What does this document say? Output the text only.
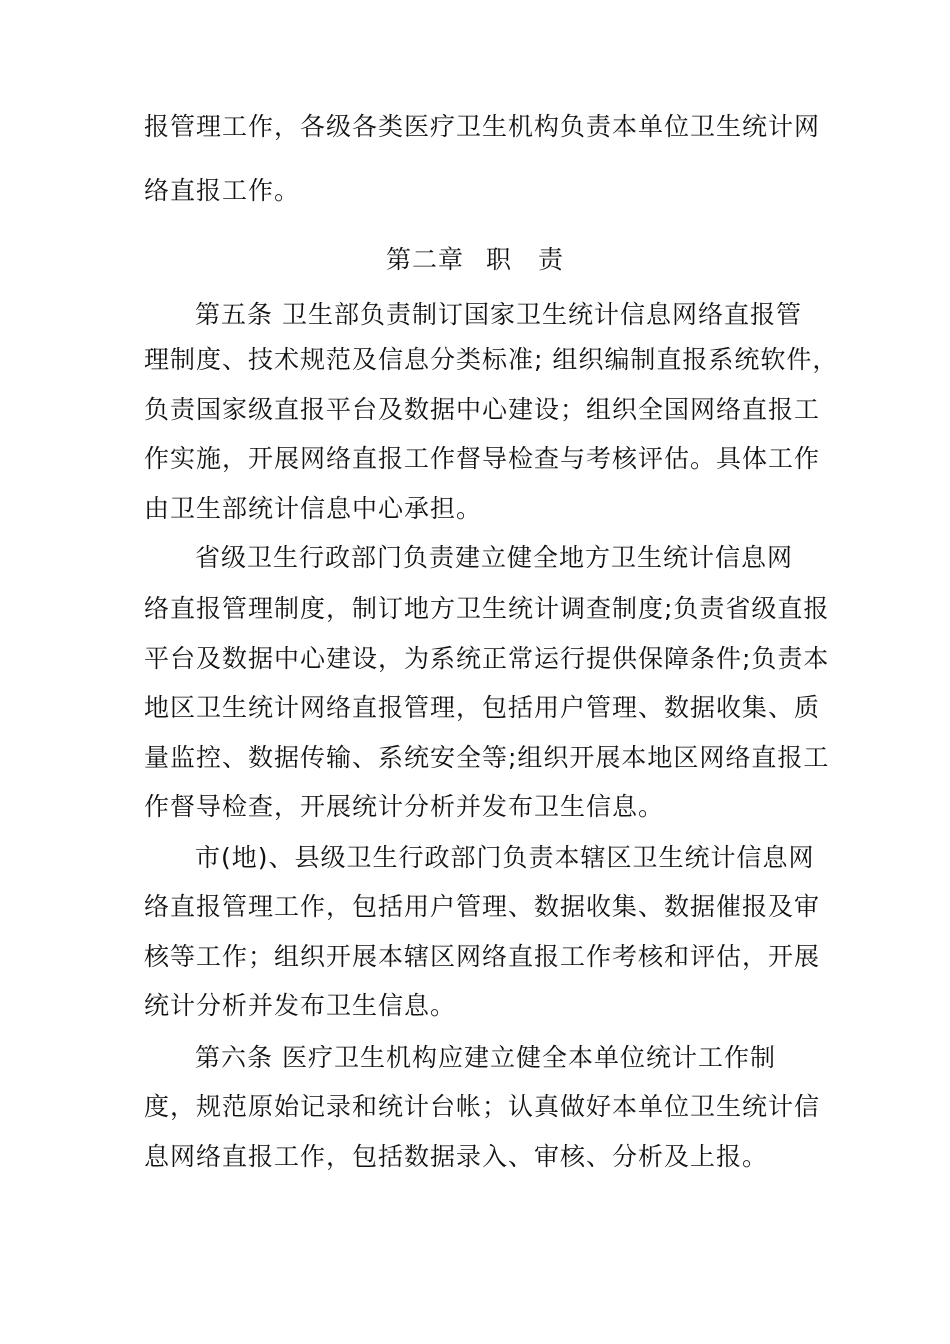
报管理工作，各级各类医疗卫生机构负责本单位卫生统计网
络直报工作。
第二章 职　责
第五条 卫生部负责制订国家卫生统计信息网络直报管
理制度、技术规范及信息分类标准; 组织编制直报系统软件，
负责国家级直报平台及数据中心建设；组织全国网络直报工
作实施，开展网络直报工作督导检查与考核评估。具体工作
由卫生部统计信息中心承担。
省级卫生行政部门负责建立健全地方卫生统计信息网
络直报管理制度，制订地方卫生统计调查制度;负责省级直报
平台及数据中心建设，为系统正常运行提供保障条件;负责本
地区卫生统计网络直报管理，包括用户管理、数据收集、质
量监控、数据传输、系统安全等;组织开展本地区网络直报工
作督导检查，开展统计分析并发布卫生信息。
市(地)、县级卫生行政部门负责本辖区卫生统计信息网
络直报管理工作，包括用户管理、数据收集、数据催报及审
核等工作；组织开展本辖区网络直报工作考核和评估，开展
统计分析并发布卫生信息。
第六条 医疗卫生机构应建立健全本单位统计工作制
度，规范原始记录和统计台帐；认真做好本单位卫生统计信
息网络直报工作，包括数据录入、审核、分析及上报。
